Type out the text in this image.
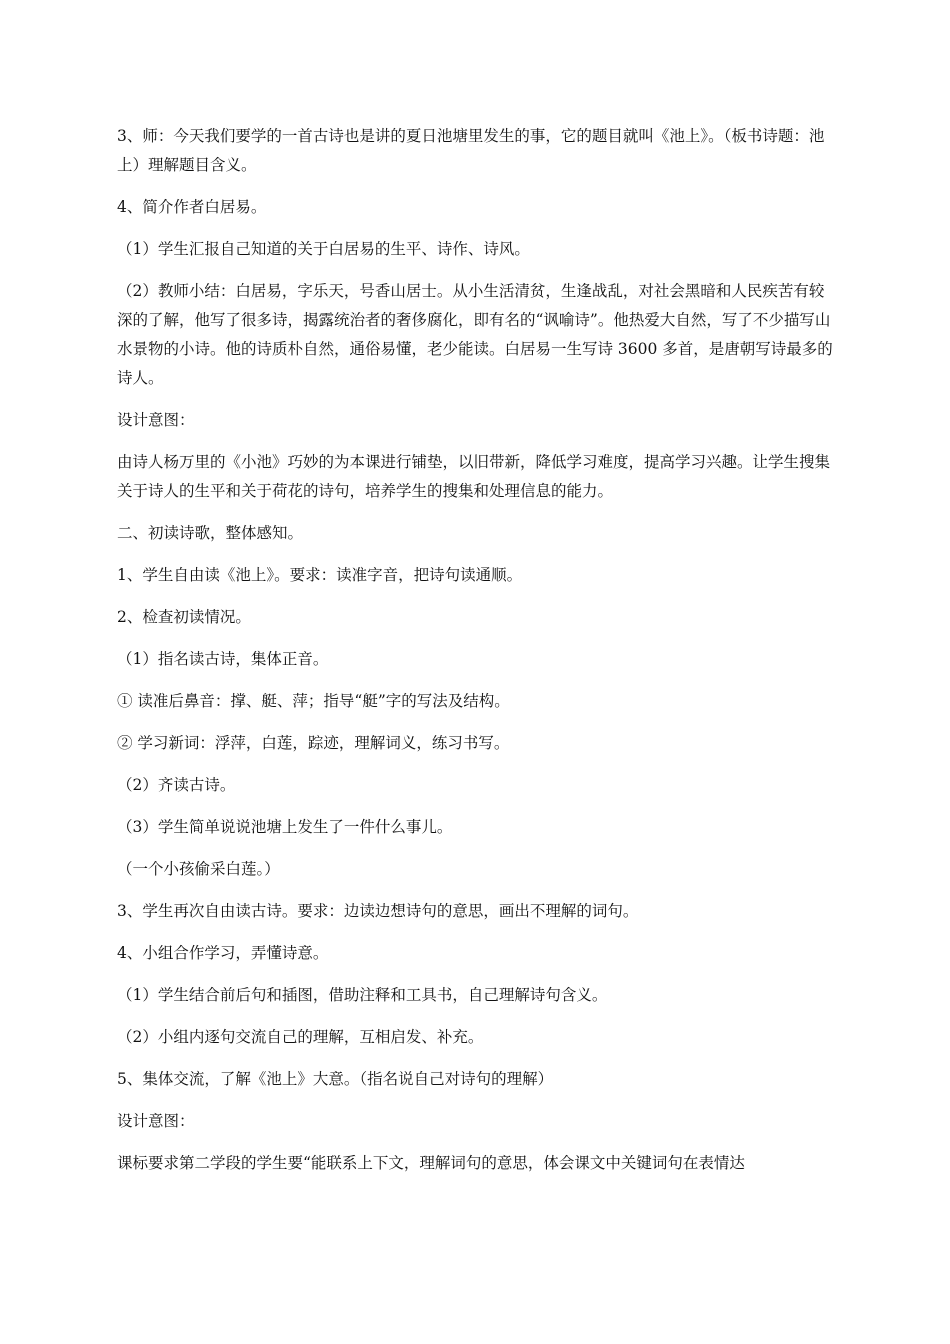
3、师：今天我们要学的一首古诗也是讲的夏日池塘里发生的事，它的题目就叫《池上》。（板书诗题：池上）理解题目含义。

4、简介作者白居易。

（1）学生汇报自己知道的关于白居易的生平、诗作、诗风。

（2）教师小结：白居易，字乐天，号香山居士。从小生活清贫，生逢战乱，对社会黑暗和人民疾苦有较深的了解，他写了很多诗，揭露统治者的奢侈腐化，即有名的“讽喻诗”。他热爱大自然，写了不少描写山水景物的小诗。他的诗质朴自然，通俗易懂，老少能读。白居易一生写诗 3600 多首，是唐朝写诗最多的诗人。

设计意图：

由诗人杨万里的《小池》巧妙的为本课进行铺垫，以旧带新，降低学习难度，提高学习兴趣。让学生搜集关于诗人的生平和关于荷花的诗句，培养学生的搜集和处理信息的能力。

二、初读诗歌，整体感知。

1、学生自由读《池上》。要求：读准字音，把诗句读通顺。

2、检查初读情况。

（1）指名读古诗，集体正音。

① 读准后鼻音：撑、艇、萍；指导“艇”字的写法及结构。

② 学习新词：浮萍，白莲，踪迹，理解词义，练习书写。

（2）齐读古诗。

（3）学生简单说说池塘上发生了一件什么事儿。

（一个小孩偷采白莲。）

3、学生再次自由读古诗。要求：边读边想诗句的意思，画出不理解的词句。

4、小组合作学习，弄懂诗意。

（1）学生结合前后句和插图，借助注释和工具书，自己理解诗句含义。

（2）小组内逐句交流自己的理解，互相启发、补充。

5、集体交流，了解《池上》大意。（指名说自己对诗句的理解）

设计意图：

课标要求第二学段的学生要“能联系上下文，理解词句的意思，体会课文中关键词句在表情达
